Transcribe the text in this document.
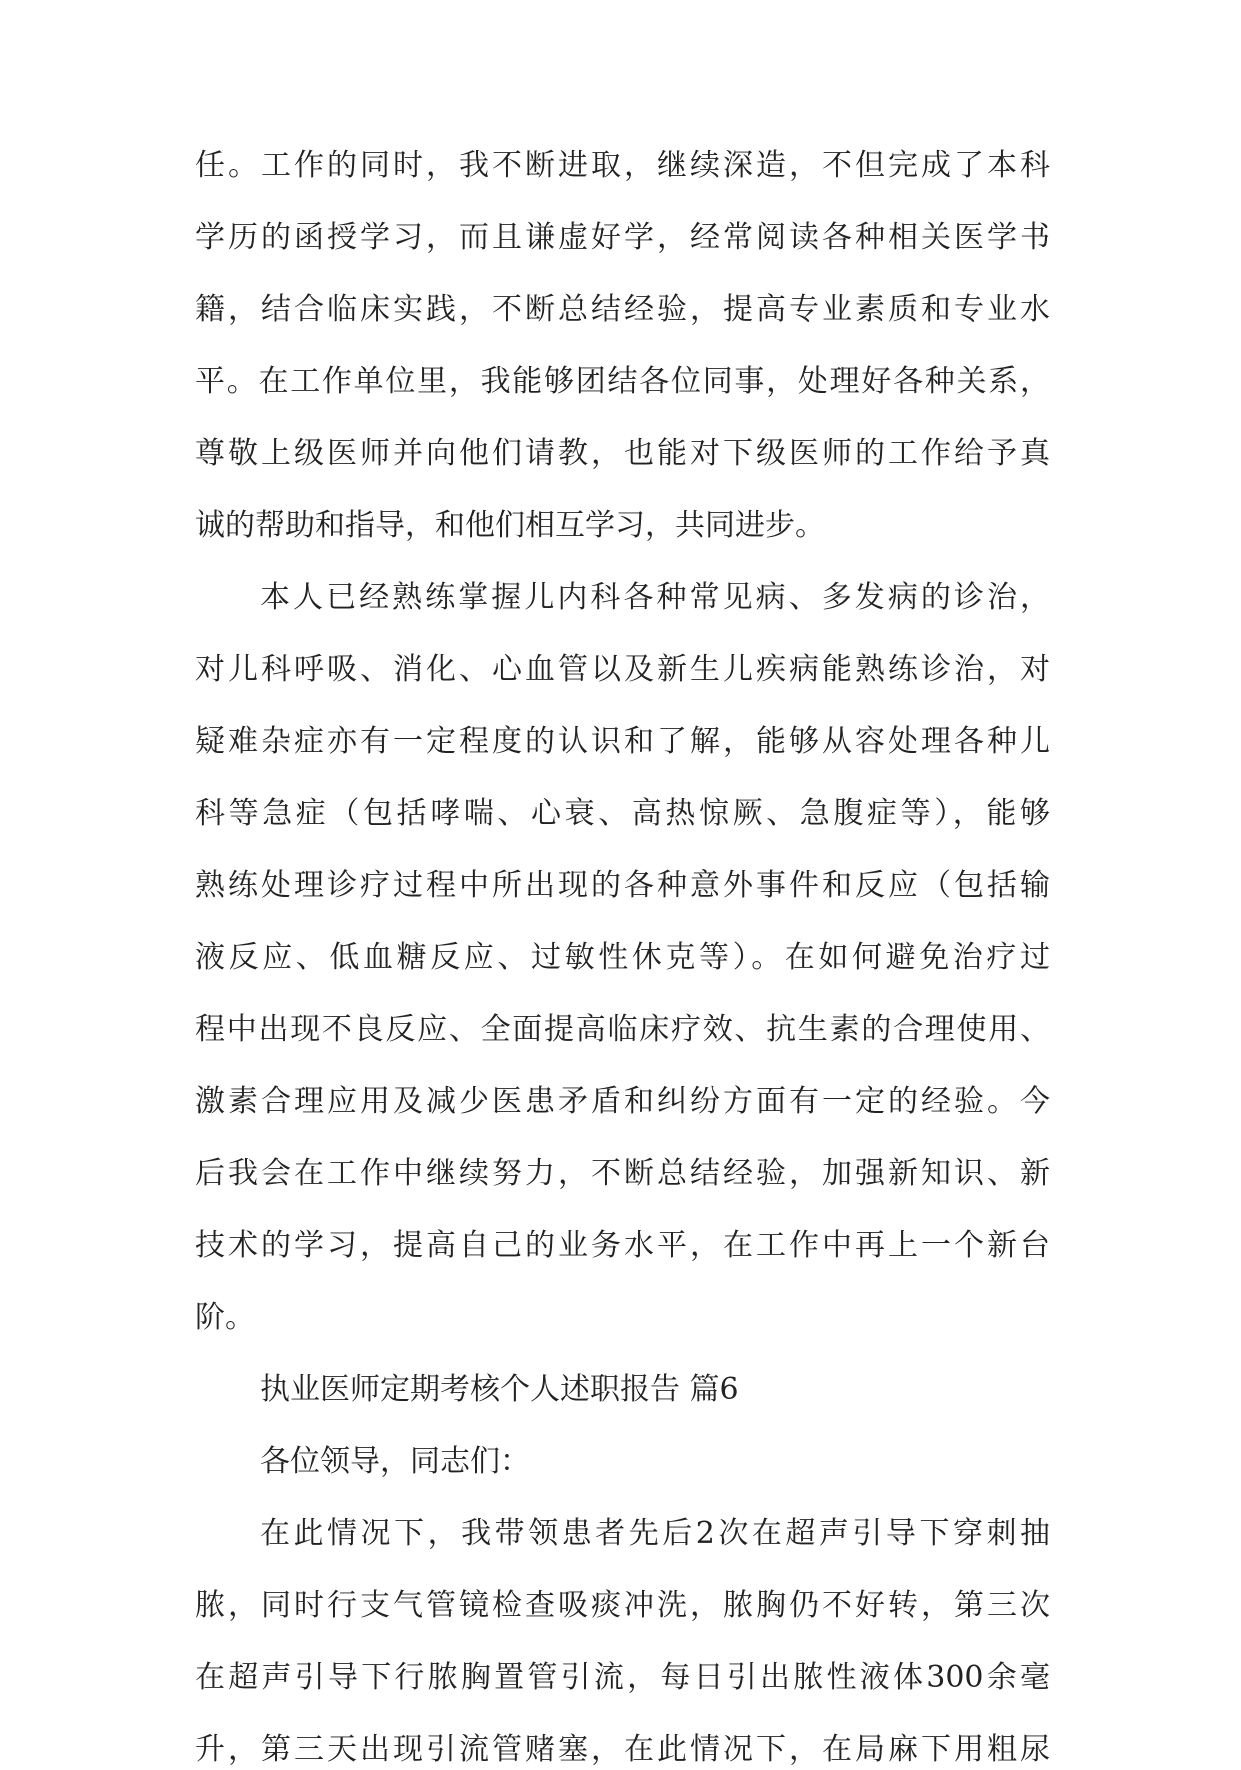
任。工作的同时，我不断进取，继续深造，不但完成了本科
学历的函授学习，而且谦虚好学，经常阅读各种相关医学书
籍，结合临床实践，不断总结经验，提高专业素质和专业水
平。在工作单位里，我能够团结各位同事，处理好各种关系，
尊敬上级医师并向他们请教，也能对下级医师的工作给予真
诚的帮助和指导，和他们相互学习，共同进步。
本人已经熟练掌握儿内科各种常见病、多发病的诊治，
对儿科呼吸、消化、心血管以及新生儿疾病能熟练诊治，对
疑难杂症亦有一定程度的认识和了解，能够从容处理各种儿
科等急症（包括哮喘、心衰、高热惊厥、急腹症等），能够
熟练处理诊疗过程中所出现的各种意外事件和反应（包括输
液反应、低血糖反应、过敏性休克等）。在如何避免治疗过
程中出现不良反应、全面提高临床疗效、抗生素的合理使用、
激素合理应用及减少医患矛盾和纠纷方面有一定的经验。今
后我会在工作中继续努力，不断总结经验，加强新知识、新
技术的学习，提高自己的业务水平，在工作中再上一个新台
阶。
执业医师定期考核个人述职报告 篇6
各位领导，同志们：
在此情况下，我带领患者先后2次在超声引导下穿刺抽
脓，同时行支气管镜检查吸痰冲洗，脓胸仍不好转，第三次
在超声引导下行脓胸置管引流，每日引出脓性液体300余毫
升，第三天出现引流管赌塞，在此情况下，在局麻下用粗尿
